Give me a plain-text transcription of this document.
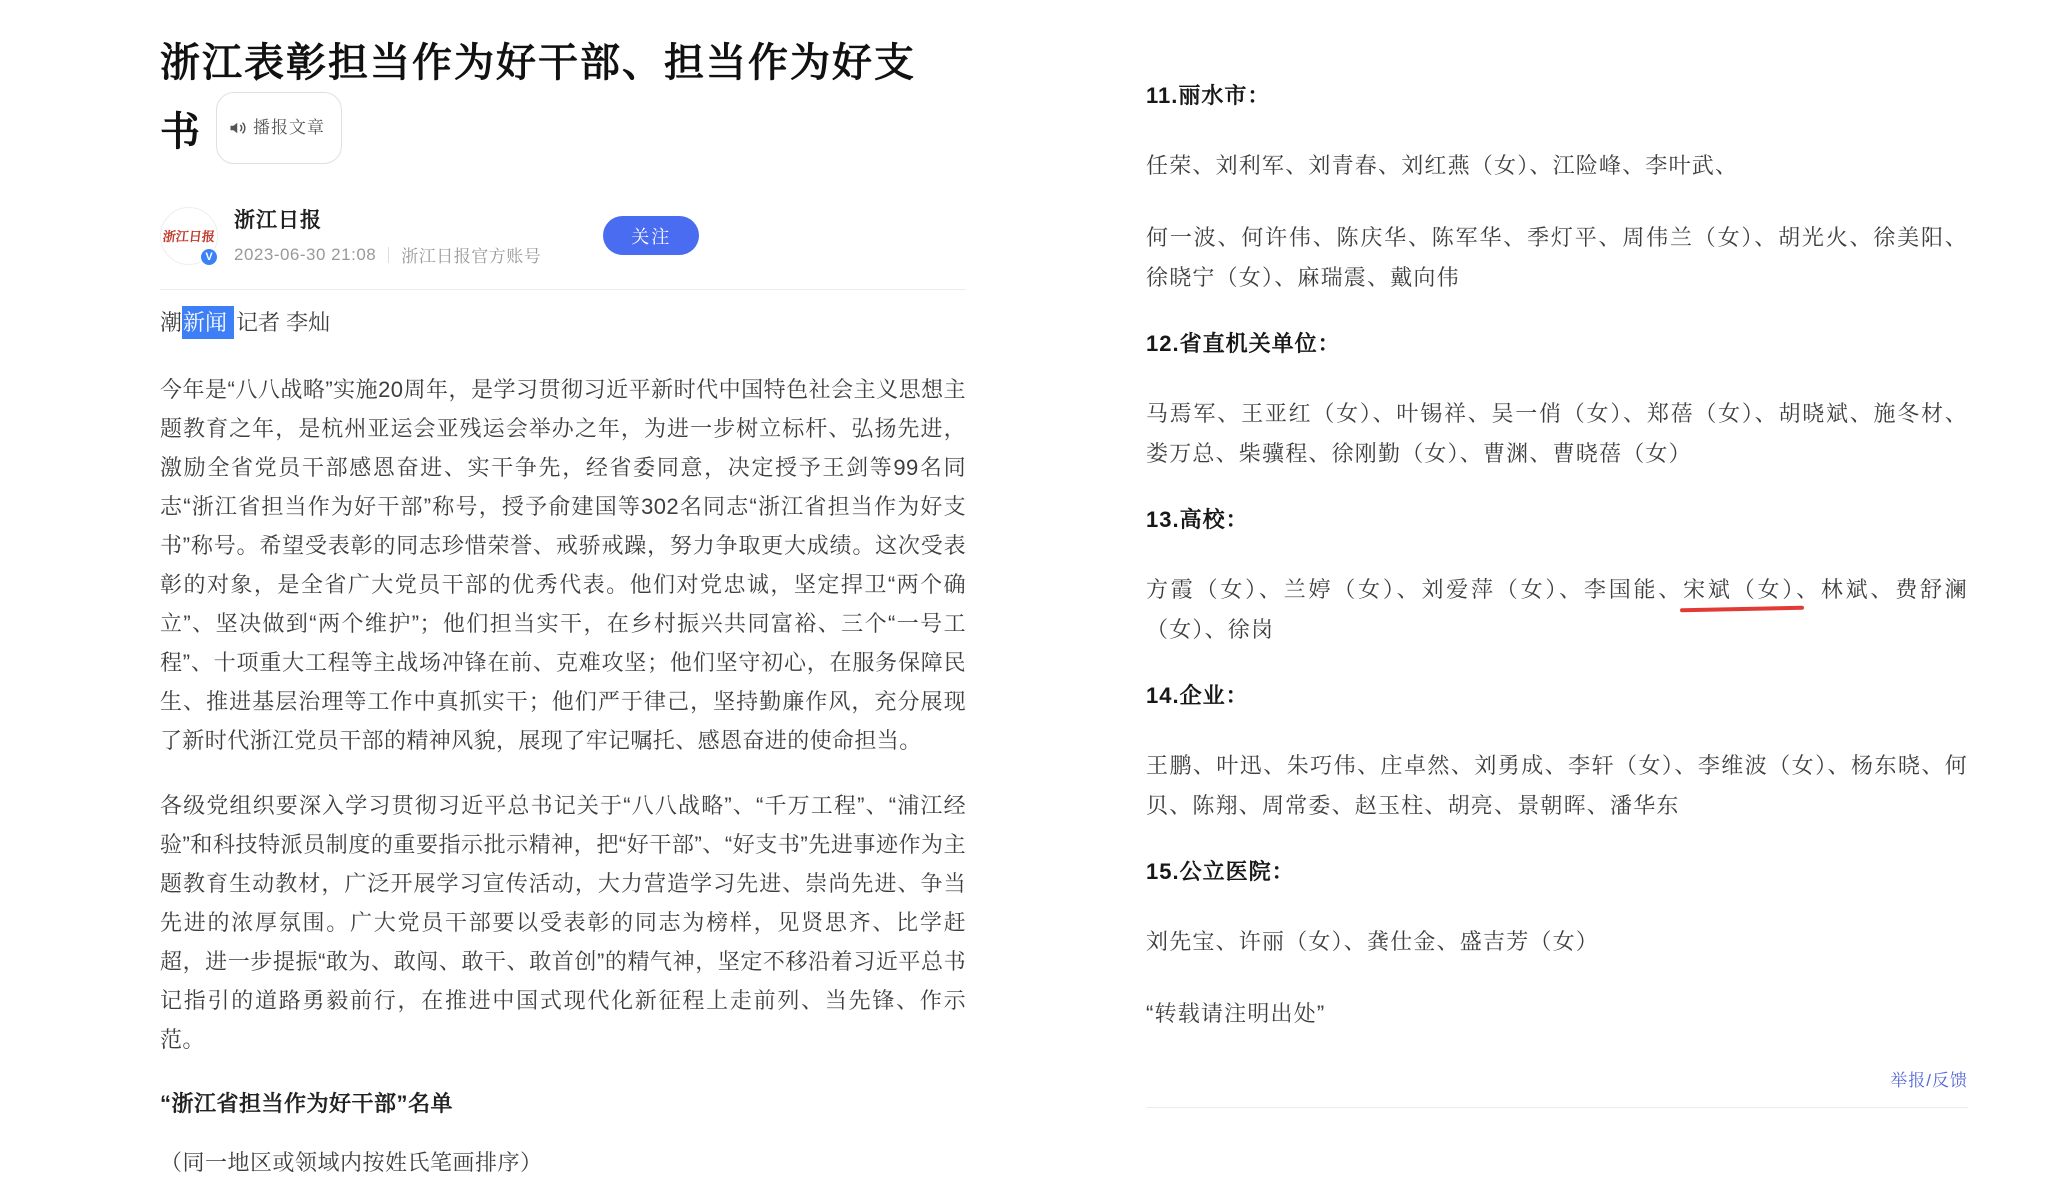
浙江表彰担当作为好干部、担当作为好支书	播报文章
浙江日报
V
浙江日报
2023-06-30 21:08 浙江日报官方账号
关注

潮新闻 记者 李灿

今年是“八八战略”实施20周年，是学习贯彻习近平新时代中国特色社会主义思想主题教育之年，是杭州亚运会亚残运会举办之年，为进一步树立标杆、弘扬先进，激励全省党员干部感恩奋进、实干争先，经省委同意，决定授予王剑等99名同志“浙江省担当作为好干部”称号，授予俞建国等302名同志“浙江省担当作为好支书”称号。希望受表彰的同志珍惜荣誉、戒骄戒躁，努力争取更大成绩。这次受表彰的对象，是全省广大党员干部的优秀代表。他们对党忠诚，坚定捍卫“两个确立”、坚决做到“两个维护”；他们担当实干，在乡村振兴共同富裕、三个“一号工程”、十项重大工程等主战场冲锋在前、克难攻坚；他们坚守初心，在服务保障民生、推进基层治理等工作中真抓实干；他们严于律己，坚持勤廉作风，充分展现了新时代浙江党员干部的精神风貌，展现了牢记嘱托、感恩奋进的使命担当。

各级党组织要深入学习贯彻习近平总书记关于“八八战略”、“千万工程”、“浦江经验”和科技特派员制度的重要指示批示精神，把“好干部”、“好支书”先进事迹作为主题教育生动教材，广泛开展学习宣传活动，大力营造学习先进、崇尚先进、争当先进的浓厚氛围。广大党员干部要以受表彰的同志为榜样，见贤思齐、比学赶超，进一步提振“敢为、敢闯、敢干、敢首创”的精气神，坚定不移沿着习近平总书记指引的道路勇毅前行，在推进中国式现代化新征程上走前列、当先锋、作示范。

“浙江省担当作为好干部”名单

（同一地区或领域内按姓氏笔画排序）

11.丽水市：

任荣、刘利军、刘青春、刘红燕（女）、江险峰、李叶武、

何一波、何许伟、陈庆华、陈军华、季灯平、周伟兰（女）、胡光火、徐美阳、徐晓宁（女）、麻瑞震、戴向伟

12.省直机关单位：

马焉军、王亚红（女）、叶锡祥、吴一俏（女）、郑蓓（女）、胡晓斌、施冬材、娄万总、柴骥程、徐刚勤（女）、曹渊、曹晓蓓（女）

13.高校：

方霞（女）、兰婷（女）、刘爱萍（女）、李国能、宋斌（女）、林斌、费舒澜（女）、徐岗

14.企业：

王鹏、叶迅、朱巧伟、庄卓然、刘勇成、李轩（女）、李维波（女）、杨东晓、何贝、陈翔、周常委、赵玉柱、胡亮、景朝晖、潘华东

15.公立医院：

刘先宝、许丽（女）、龚仕金、盛吉芳（女）

“转载请注明出处”

举报/反馈
